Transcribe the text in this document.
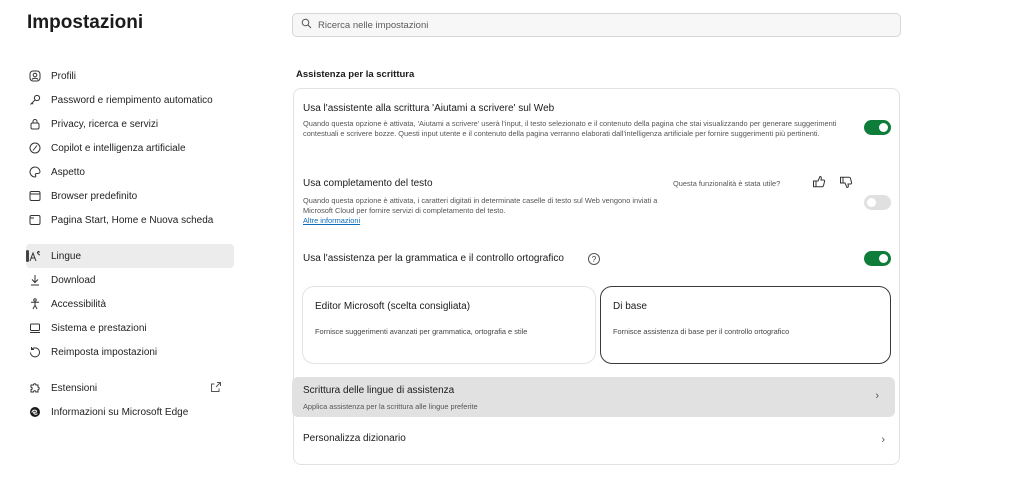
Impostazioni
Profili
Password e riempimento automatico
Privacy, ricerca e servizi
Copilot e intelligenza artificiale
Aspetto
Browser predefinito
Pagina Start, Home e Nuova scheda
Lingue
Download
Accessibilità
Sistema e prestazioni
Reimposta impostazioni
Estensioni
Informazioni su Microsoft Edge
Ricerca nelle impostazioni
Assistenza per la scrittura
Usa l'assistente alla scrittura 'Aiutami a scrivere' sul Web
Quando questa opzione è attivata, 'Aiutami a scrivere' userà l'input, il testo selezionato e il contenuto della pagina che stai visualizzando per generare suggerimenti contestuali e scrivere bozze. Questi input utente e il contenuto della pagina verranno elaborati dall'intelligenza artificiale per fornire suggerimenti più pertinenti.
Usa completamento del testo	Questa funzionalità è stata utile?
Quando questa opzione è attivata, i caratteri digitati in determinate caselle di testo sul Web vengono inviati a Microsoft Cloud per fornire servizi di completamento del testo.
Altre informazioni
Usa l'assistenza per la grammatica e il controllo ortografico	?
Editor Microsoft (scelta consigliata)
Fornisce suggerimenti avanzati per grammatica, ortografia e stile
Di base
Fornisce assistenza di base per il controllo ortografico
Scrittura delle lingue di assistenza
Applica assistenza per la scrittura alle lingue preferite
›
Personalizza dizionario	›
